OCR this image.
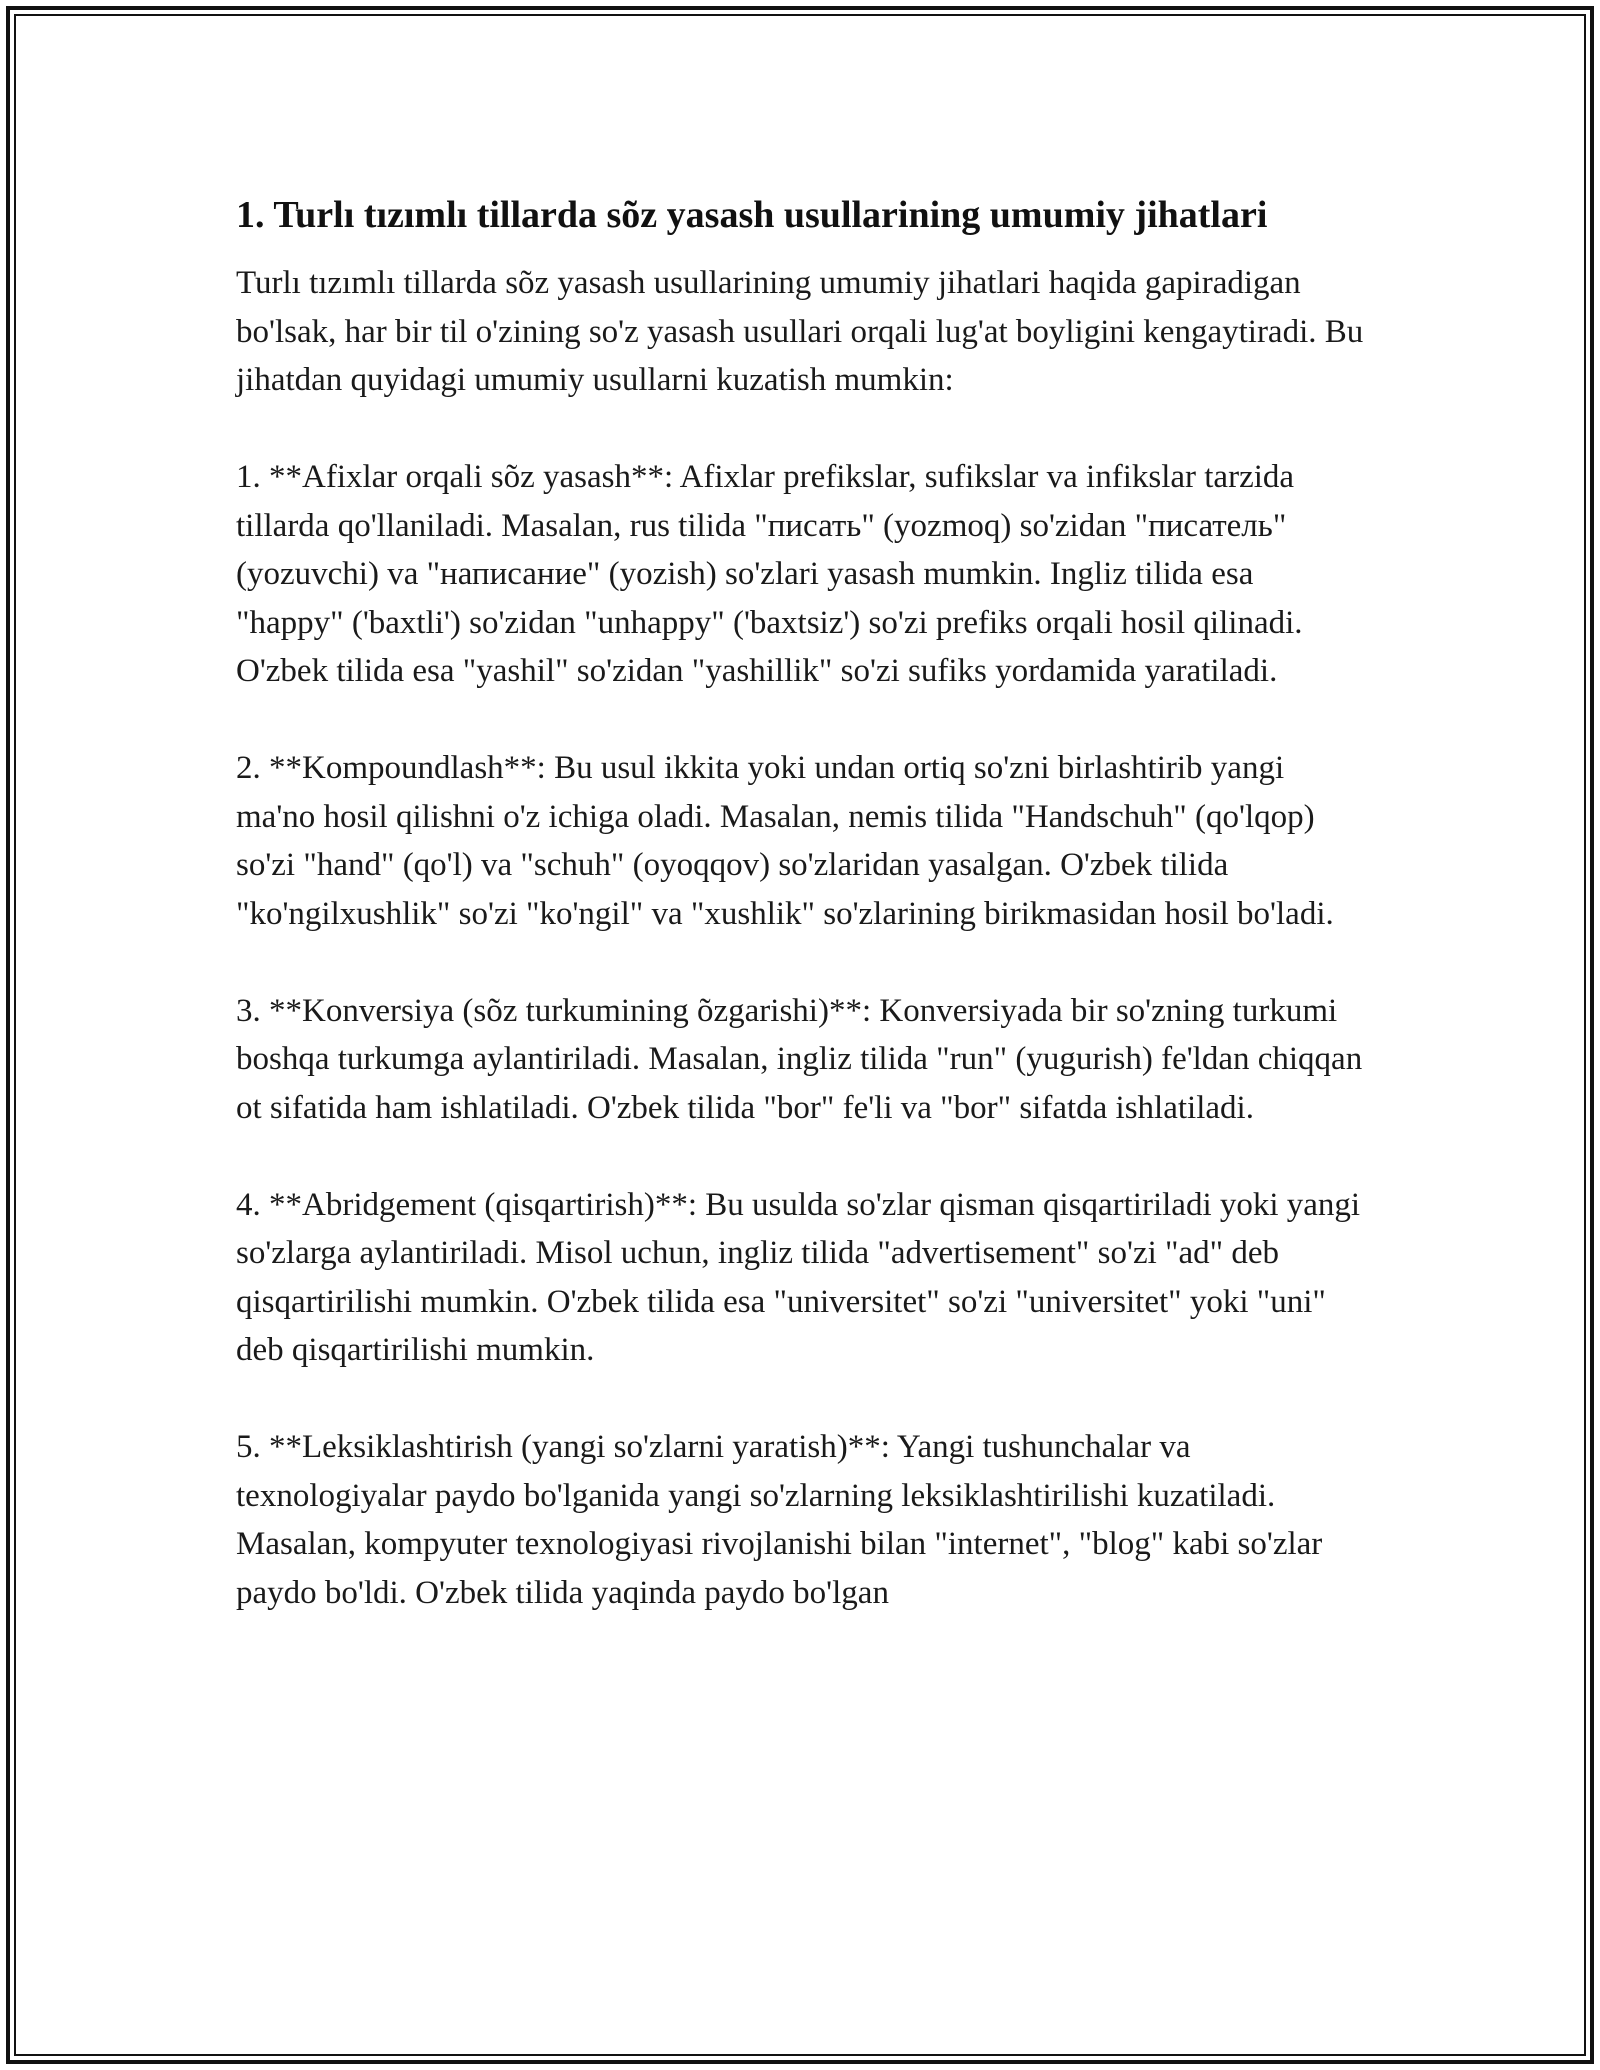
1. Turlı tızımlı tillarda sõz yasash usullarining umumiy jihatlari

Turlı tızımlı tillarda sõz yasash usullarining umumiy jihatlari haqida gapiradigan bo'lsak, har bir til o'zining so'z yasash usullari orqali lug'at boyligini kengaytiradi. Bu jihatdan quyidagi umumiy usullarni kuzatish mumkin:

1. **Afixlar orqali sõz yasash**: Afixlar prefikslar, sufikslar va infikslar tarzida tillarda qo'llaniladi. Masalan, rus tilida "писать" (yozmoq) so'zidan "писатель" (yozuvchi) va "написание" (yozish) so'zlari yasash mumkin. Ingliz tilida esa "happy" ('baxtli') so'zidan "unhappy" ('baxtsiz') so'zi prefiks orqali hosil qilinadi. O'zbek tilida esa "yashil" so'zidan "yashillik" so'zi sufiks yordamida yaratiladi.

2. **Kompoundlash**: Bu usul ikkita yoki undan ortiq so'zni birlashtirib yangi ma'no hosil qilishni o'z ichiga oladi. Masalan, nemis tilida "Handschuh" (qo'lqop) so'zi "hand" (qo'l) va "schuh" (oyoqqov) so'zlaridan yasalgan. O'zbek tilida "ko'ngilxushlik" so'zi "ko'ngil" va "xushlik" so'zlarining birikmasidan hosil bo'ladi.

3. **Konversiya (sõz turkumining õzgarishi)**: Konversiyada bir so'zning turkumi boshqa turkumga aylantiriladi. Masalan, ingliz tilida "run" (yugurish) fe'ldan chiqqan ot sifatida ham ishlatiladi. O'zbek tilida "bor" fe'li va "bor" sifatda ishlatiladi.

4. **Abridgement (qisqartirish)**: Bu usulda so'zlar qisman qisqartiriladi yoki yangi so'zlarga aylantiriladi. Misol uchun, ingliz tilida "advertisement" so'zi "ad" deb qisqartirilishi mumkin. O'zbek tilida esa "universitet" so'zi "universitet" yoki "uni" deb qisqartirilishi mumkin.

5. **Leksiklashtirish (yangi so'zlarni yaratish)**: Yangi tushunchalar va texnologiyalar paydo bo'lganida yangi so'zlarning leksiklashtirilishi kuzatiladi. Masalan, kompyuter texnologiyasi rivojlanishi bilan "internet", "blog" kabi so'zlar paydo bo'ldi. O'zbek tilida yaqinda paydo bo'lgan
